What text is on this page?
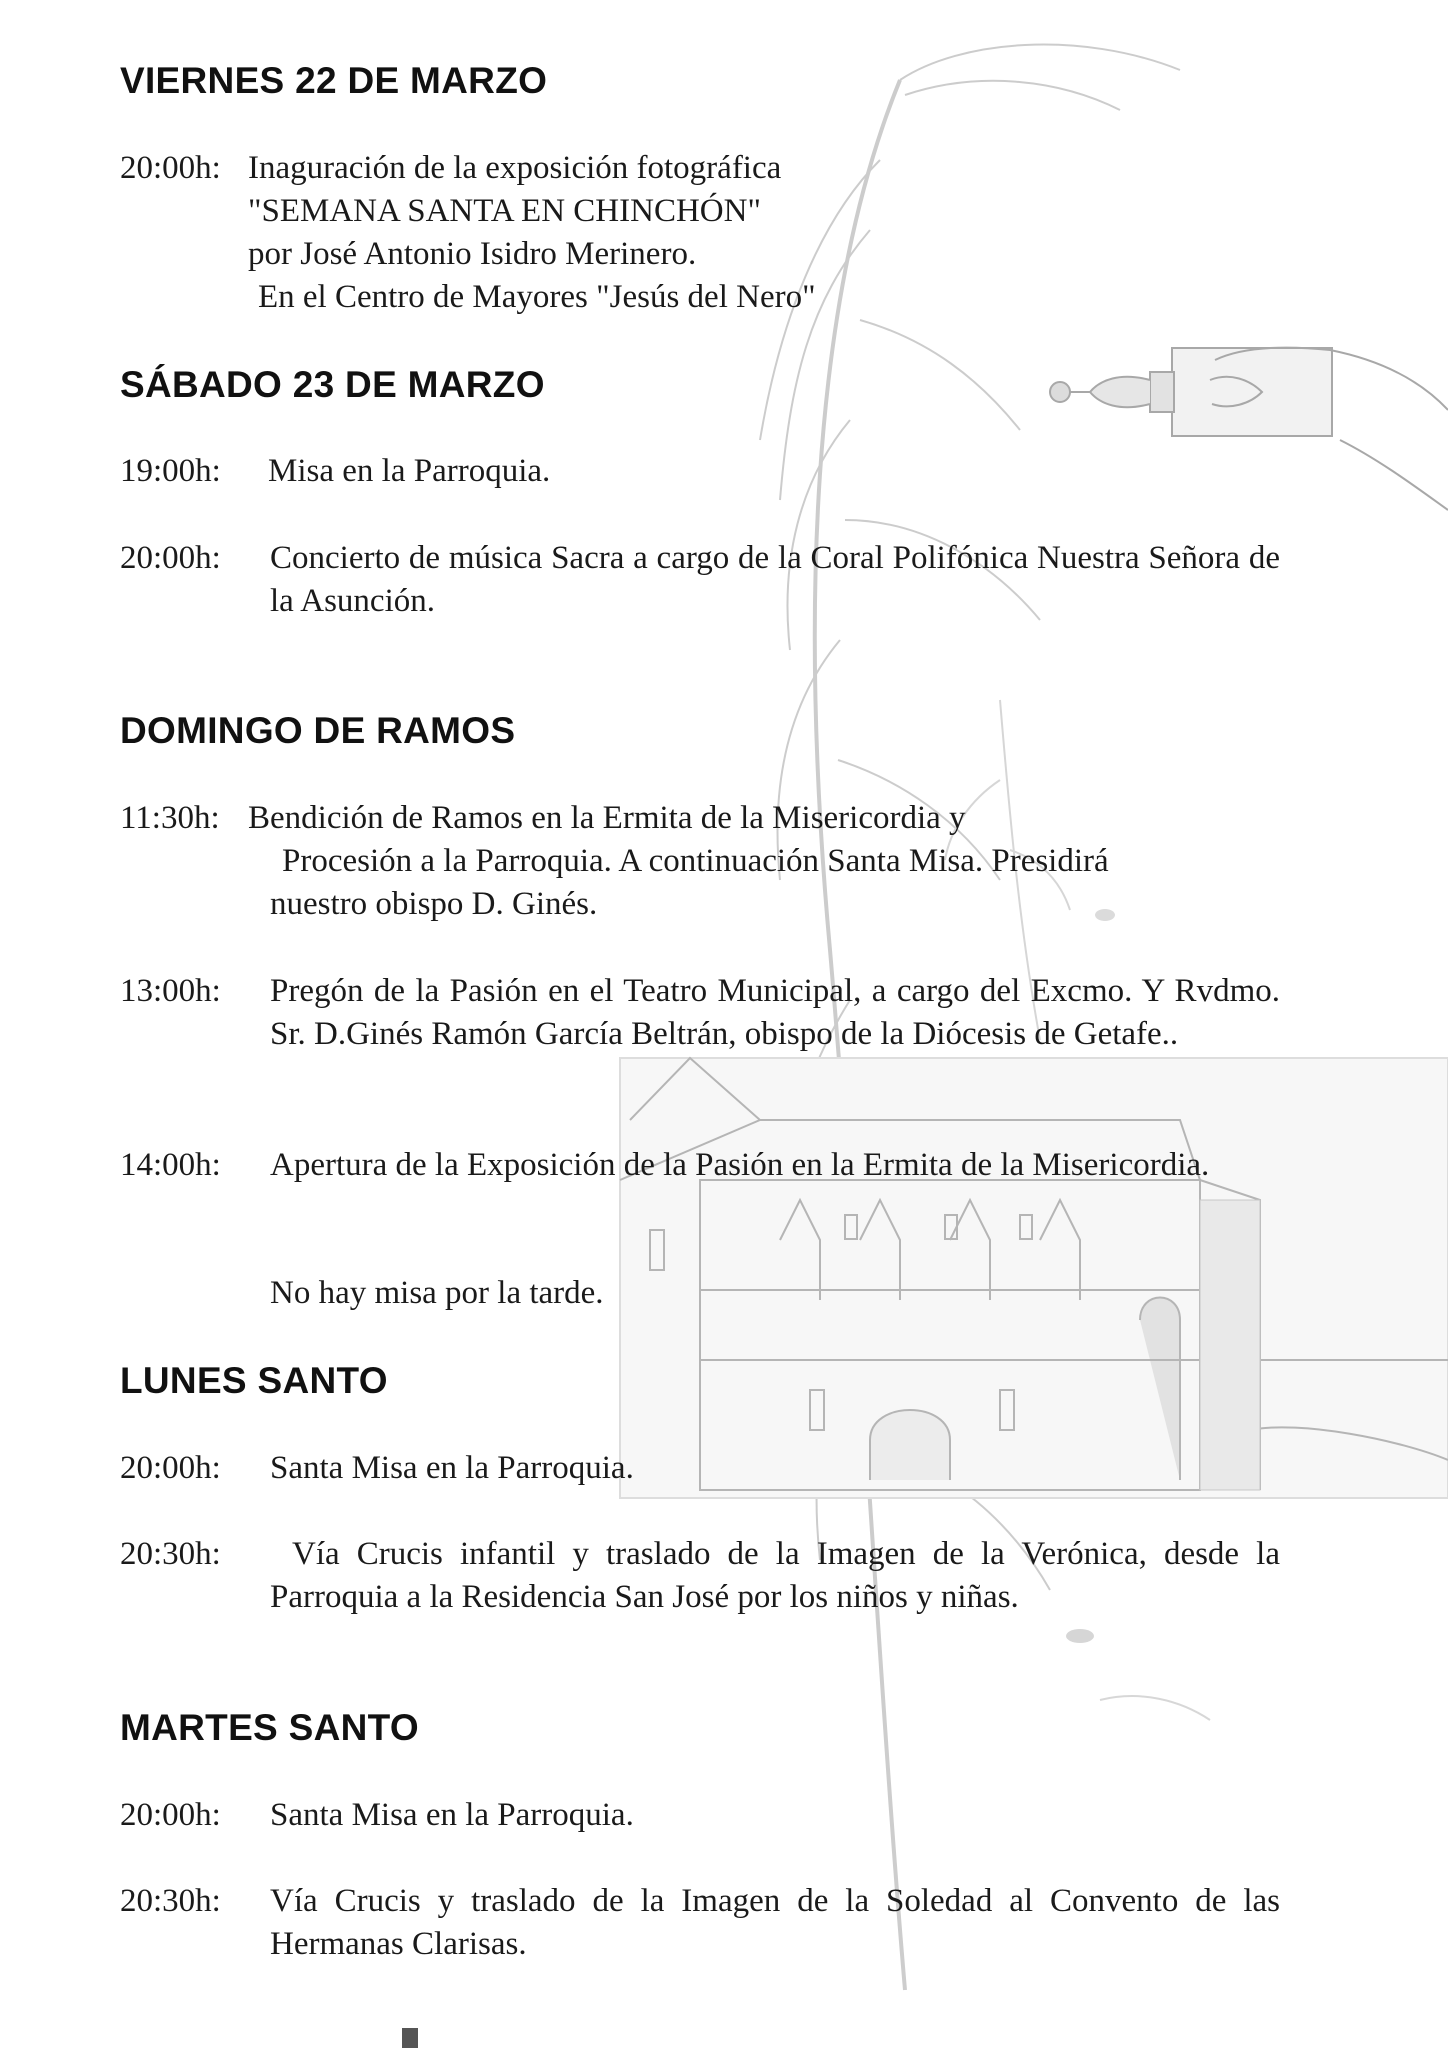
VIERNES 22 DE MARZO
20:00h: Inaguración de la exposición fotográfica
"SEMANA SANTA EN CHINCHÓN"
por José Antonio Isidro Merinero.
En el Centro de Mayores "Jesús del Nero"
SÁBADO 23 DE MARZO
19:00h: Misa en la Parroquia.
20:00h: Concierto de música Sacra a cargo de la Coral Polifónica Nuestra Señora de la Asunción.
DOMINGO DE RAMOS
11:30h: Bendición de Ramos en la Ermita de la Misericordia y
Procesión a la Parroquia. A continuación Santa Misa. Presidirá
nuestro obispo D. Ginés.
13:00h: Pregón de la Pasión en el Teatro Municipal, a cargo del Excmo. Y Rvdmo. Sr. D.Ginés Ramón García Beltrán, obispo de la Diócesis de Getafe..
14:00h: Apertura de la Exposición de la Pasión en la Ermita de la Misericordia.
No hay misa por la tarde.
LUNES SANTO
20:00h: Santa Misa en la Parroquia.
20:30h:	Vía Crucis infantil y traslado de la Imagen de la Verónica, desde la Parroquia a la Residencia San José por los niños y niñas.
MARTES SANTO
20:00h: Santa Misa en la Parroquia.
20:30h: Vía Crucis y traslado de la Imagen de la Soledad al Convento de las Hermanas Clarisas.
